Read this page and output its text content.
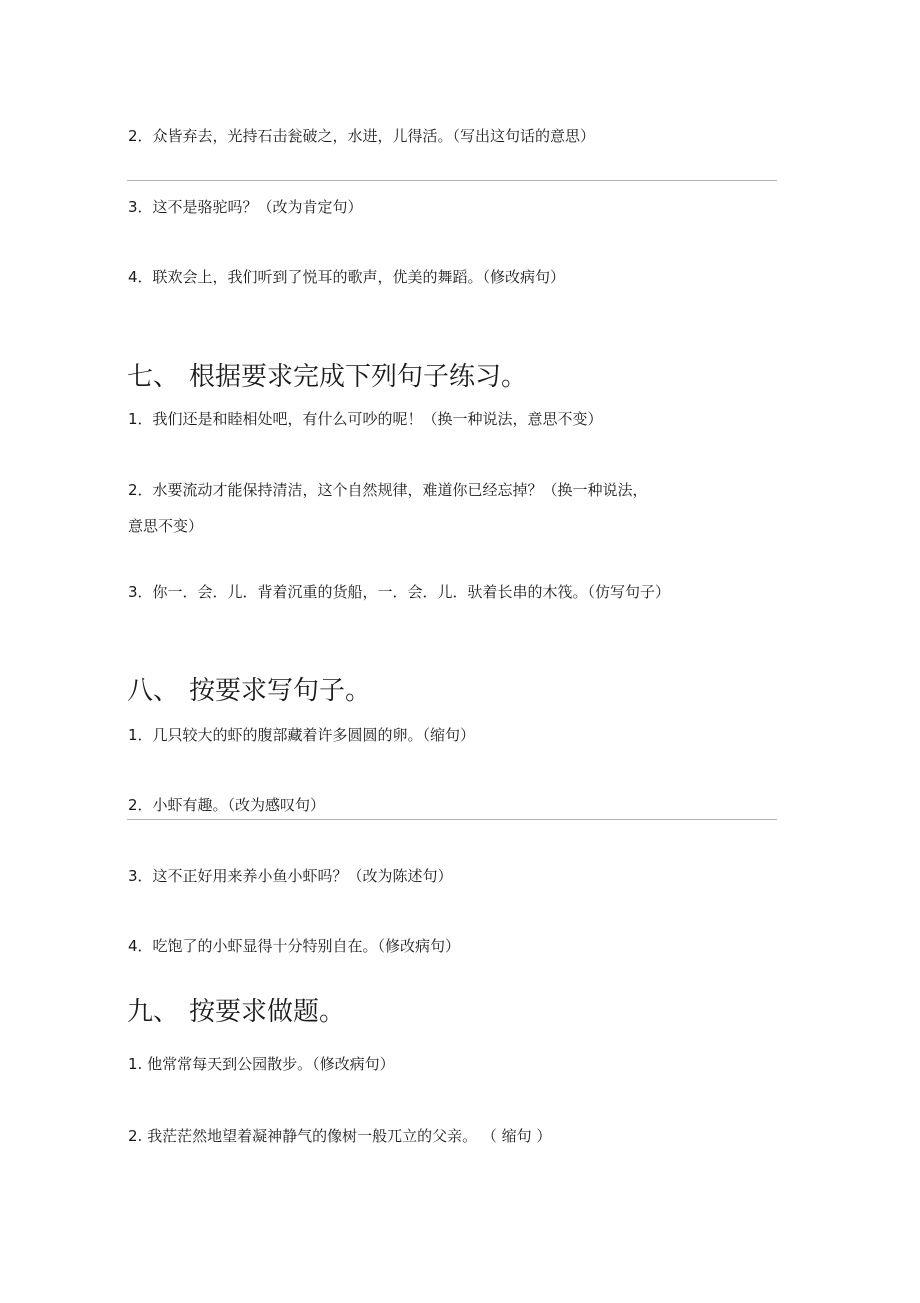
2．众皆弃去，光持石击瓮破之，水进，儿得活。（写出这句话的意思）
3．这不是骆驼吗？（改为肯定句）
4．联欢会上，我们听到了悦耳的歌声，优美的舞蹈。（修改病句）
七、 根据要求完成下列句子练习。
1．我们还是和睦相处吧，有什么可吵的呢！（换一种说法，意思不变）
2．水要流动才能保持清洁，这个自然规律，难道你已经忘掉？（换一种说法，
意思不变）
3．你一．会．儿．背着沉重的货船，一．会．儿．驮着长串的木筏。（仿写句子）
八、 按要求写句子。
1．几只较大的虾的腹部藏着许多圆圆的卵。（缩句）
2．小虾有趣。（改为感叹句）
3．这不正好用来养小鱼小虾吗？（改为陈述句）
4．吃饱了的小虾显得十分特别自在。（修改病句）
九、 按要求做题。
1. 他常常每天到公园散步。（修改病句）
2. 我茫茫然地望着凝神静气的像树一般兀立的父亲。 （ 缩句 ）
